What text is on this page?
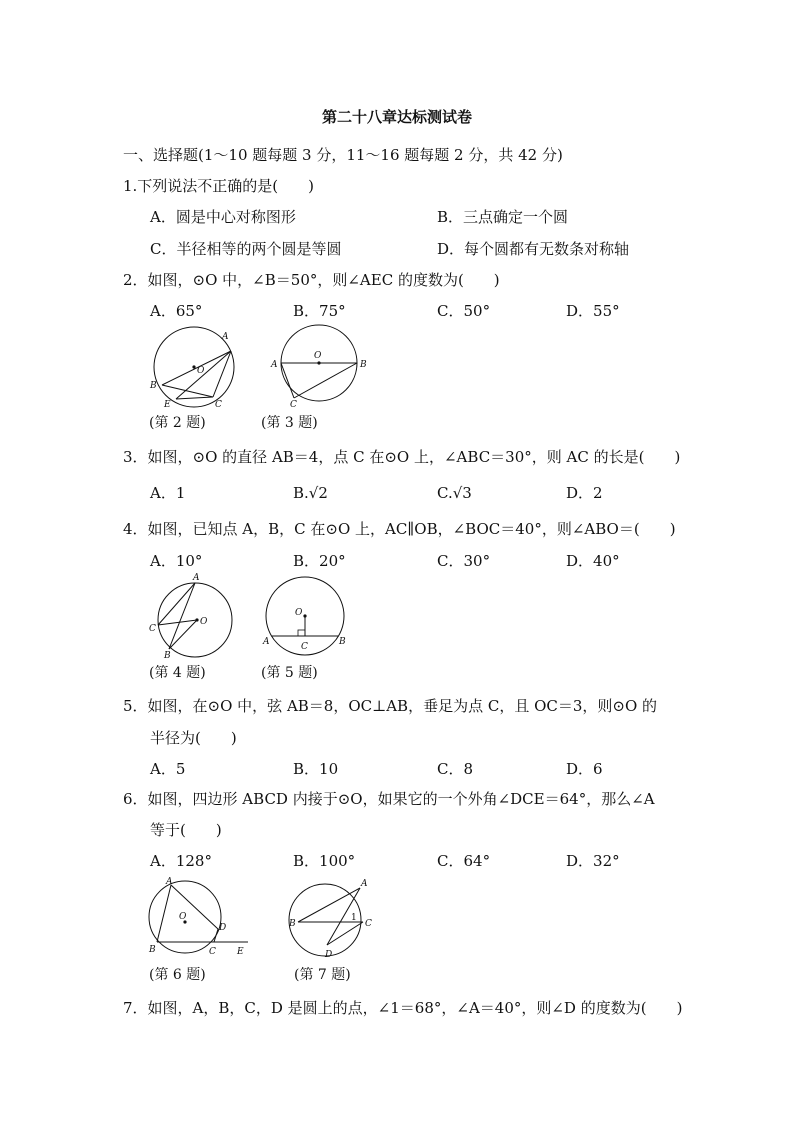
第二十八章达标测试卷
一、选择题(1～10 题每题 3 分，11～16 题每题 2 分，共 42 分)
1.下列说法不正确的是(　　)
A．圆是中心对称图形	B．三点确定一个圆
C．半径相等的两个圆是等圆	D．每个圆都有无数条对称轴
2．如图，⊙O 中，∠B＝50°，则∠AEC 的度数为(　　)
A．65°	B．75°	C．50°	D．55°
A
O
B
E	C
O
A	B
C
(第 2 题)	(第 3 题)
3．如图，⊙O 的直径 AB＝4，点 C 在⊙O 上，∠ABC＝30°，则 AC 的长是(　　)
A．1	B.√2	C.√3	D．2
4．如图，已知点 A，B，C 在⊙O 上，AC∥OB，∠BOC＝40°，则∠ABO＝(　　)
A．10°	B．20°	C．30°	D．40°
A
O
C
B
O
A	C	B
(第 4 题)	(第 5 题)
5．如图，在⊙O 中，弦 AB＝8，OC⊥AB，垂足为点 C，且 OC＝3，则⊙O 的
半径为(　　)
A．5	B．10	C．8	D．6
6．如图，四边形 ABCD 内接于⊙O，如果它的一个外角∠DCE＝64°，那么∠A
等于(　　)
A．128°	B．100°	C．64°	D．32°
A
O
D
B	C E
A
B
1
C
D
(第 6 题)	(第 7 题)
7．如图，A，B，C，D 是圆上的点，∠1＝68°，∠A＝40°，则∠D 的度数为(　　)
